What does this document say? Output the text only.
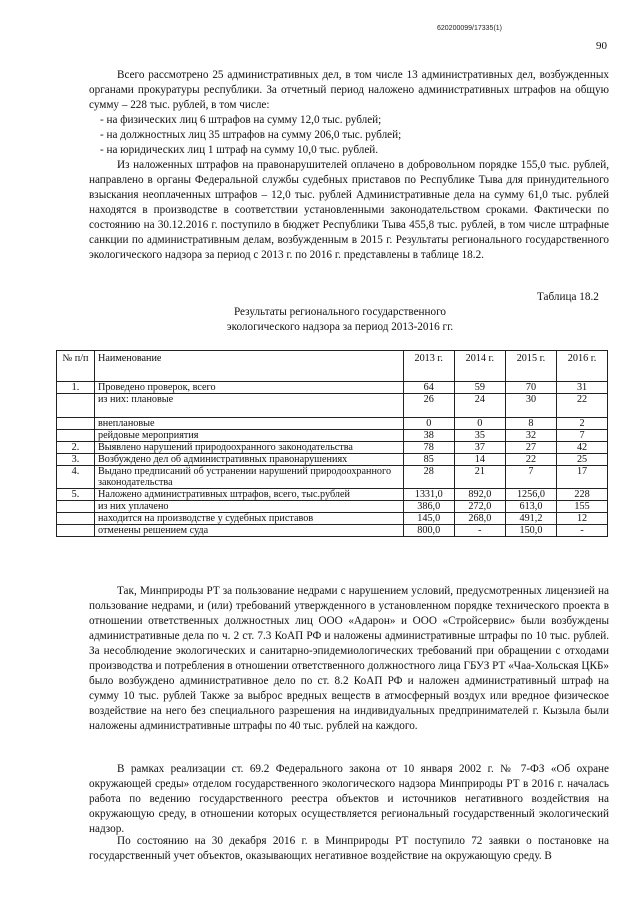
620200099/17335(1)
90

Всего рассмотрено 25 административных дел, в том числе 13 административных дел, возбужденных органами прокуратуры республики. За отчетный период наложено административных штрафов на общую сумму – 228 тыс. рублей, в том числе:

- на физических лиц 6 штрафов на сумму 12,0 тыс. рублей;

- на должностных лиц 35 штрафов на сумму 206,0 тыс. рублей;

- на юридических лиц 1 штраф на сумму 10,0 тыс. рублей.

Из наложенных штрафов на правонарушителей оплачено в добровольном порядке 155,0 тыс. рублей, направлено в органы Федеральной службы судебных приставов по Республике Тыва для принудительного взыскания неоплаченных штрафов – 12,0 тыс. рублей Административные дела на сумму 61,0 тыс. рублей находятся в производстве в соответствии установленными законодательством сроками. Фактически по состоянию на 30.12.2016 г. поступило в бюджет Республики Тыва 455,8 тыс. рублей, в том числе штрафные санкции по административным делам, возбужденным в 2015 г. Результаты регионального государственного экологического надзора за период с 2013 г. по 2016 г. представлены в таблице 18.2.

Таблица 18.2
Результаты регионального государственного
экологического надзора за период 2013-2016 гг.
№ п/п	Наименование	2013 г.	2014 г.	2015 г.	2016 г.
1.	Проведено проверок, всего	64	59	70	31
	из них: плановые	26	24	30	22
	внеплановые	0	0	8	2
	рейдовые мероприятия	38	35	32	7
2.	Выявлено нарушений природоохранного законодательства	78	37	27	42
3.	Возбуждено дел об административных правонарушениях	85	14	22	25
4.	Выдано предписаний об устранении нарушений природоохранного законодательства	28	21	7	17
5.	Наложено административных штрафов, всего, тыс.рублей	1331,0	892,0	1256,0	228
	из них уплачено	386,0	272,0	613,0	155
	находится на производстве у судебных приставов	145,0	268,0	491,2	12
	отменены решением суда	800,0	-	150,0	-

Так, Минприроды РТ за пользование недрами с нарушением условий, предусмотренных лицензией на пользование недрами, и (или) требований утвержденного в установленном порядке технического проекта в отношении ответственных должностных лиц ООО «Адарон» и ООО «Стройсервис» были возбуждены административные дела по ч. 2 ст. 7.3 КоАП РФ и наложены административные штрафы по 10 тыс. рублей. За несоблюдение экологических и санитарно-эпидемиологических требований при обращении с отходами производства и потребления в отношении ответственного должностного лица ГБУЗ РТ «Чаа-Хольская ЦКБ» было возбуждено административное дело по ст. 8.2 КоАП РФ и наложен административный штраф на сумму 10 тыс. рублей Также за выброс вредных веществ в атмосферный воздух или вредное физическое воздействие на него без специального разрешения на индивидуальных предпринимателей г. Кызыла были наложены административные штрафы по 40 тыс. рублей на каждого.

В рамках реализации ст. 69.2 Федерального закона от 10 января 2002 г. № 7-ФЗ «Об охране окружающей среды» отделом государственного экологического надзора Минприроды РТ в 2016 г. началась работа по ведению государственного реестра объектов и источников негативного воздействия на окружающую среду, в отношении которых осуществляется региональный государственный экологический надзор.

По состоянию на 30 декабря 2016 г. в Минприроды РТ поступило 72 заявки о постановке на государственный учет объектов, оказывающих негативное воздействие на окружающую среду. В
